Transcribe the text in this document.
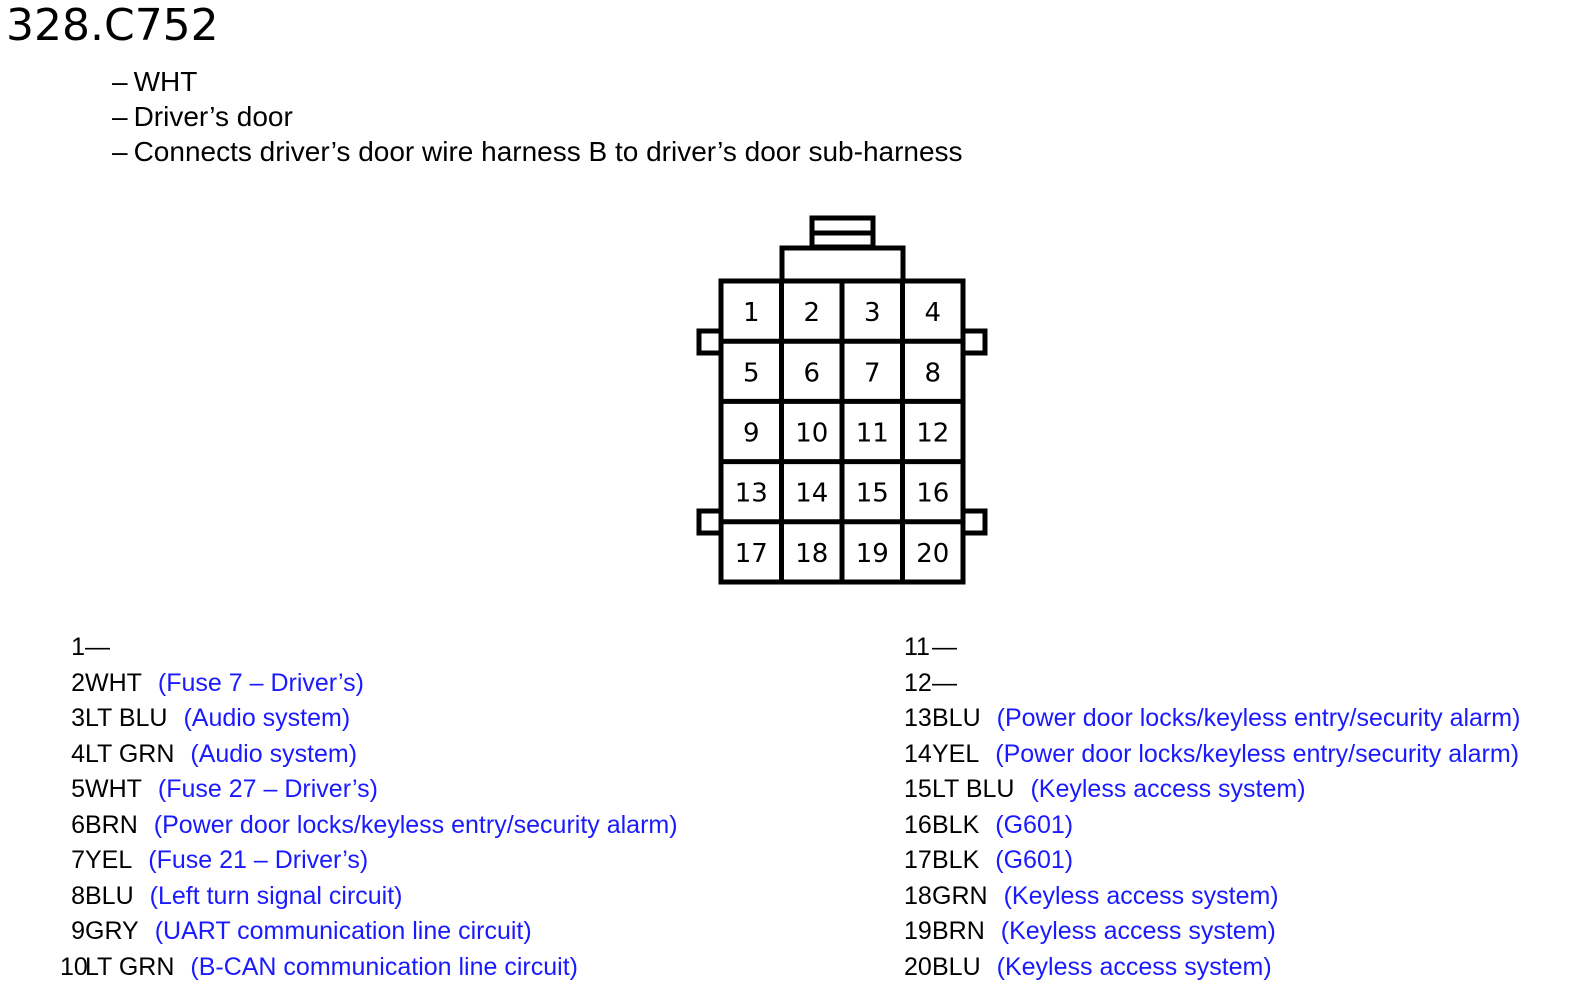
328.C752
– WHT
– Driver’s door
– Connects driver’s door wire harness B to driver’s door sub-harness
1 2 3 4
5 6 7 8
9 10 11 12
13 14 15 16
17 18 19 20
1—
2WHT (Fuse 7 – Driver’s)
3LT BLU (Audio system)
4LT GRN (Audio system)
5WHT (Fuse 27 – Driver’s)
6BRN (Power door locks/keyless entry/security alarm)
7YEL (Fuse 21 – Driver’s)
8BLU (Left turn signal circuit)
9GRY (UART communication line circuit)
10LT GRN (B-CAN communication line circuit)
11—
12—
13BLU (Power door locks/keyless entry/security alarm)
14YEL (Power door locks/keyless entry/security alarm)
15LT BLU (Keyless access system)
16BLK (G601)
17BLK (G601)
18GRN (Keyless access system)
19BRN (Keyless access system)
20BLU (Keyless access system)
